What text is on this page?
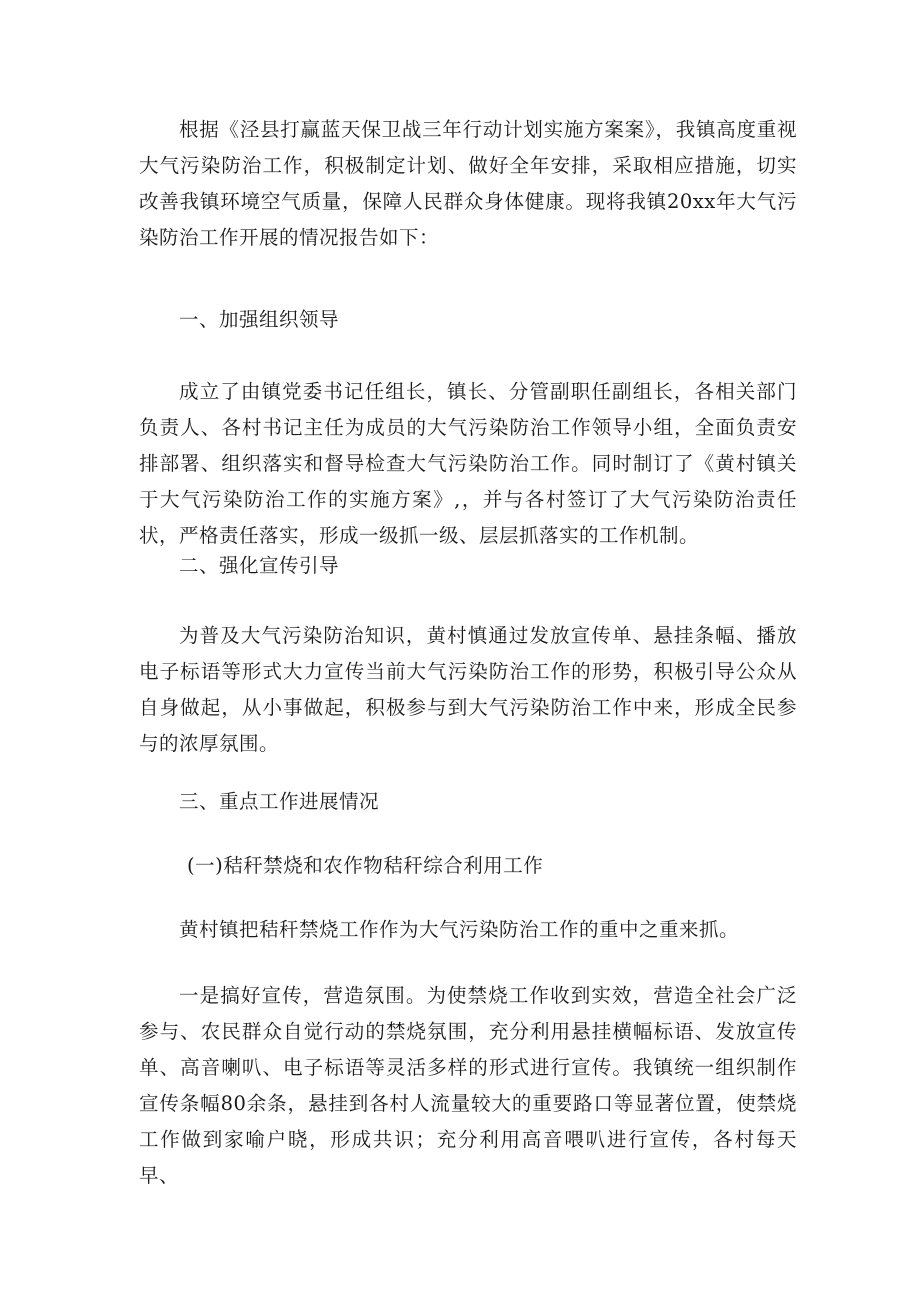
根据《泾县打赢蓝天保卫战三年行动计划实施方案案》，我镇高度重视大气污染防治工作，积极制定计划、做好全年安排，采取相应措施，切实改善我镇环境空气质量，保障人民群众身体健康。现将我镇20xx年大气污染防治工作开展的情况报告如下：

一、加强组织领导

成立了由镇党委书记任组长，镇长、分管副职任副组长，各相关部门负责人、各村书记主任为成员的大气污染防治工作领导小组，全面负责安排部署、组织落实和督导检查大气污染防治工作。同时制订了《黄村镇关于大气污染防治工作的实施方案》,，并与各村签订了大气污染防治责任状，严格责任落实，形成一级抓一级、层层抓落实的工作机制。

二、强化宣传引导

为普及大气污染防治知识，黄村慎通过发放宣传单、悬挂条幅、播放电子标语等形式大力宣传当前大气污染防治工作的形势，积极引导公众从自身做起，从小事做起，积极参与到大气污染防治工作中来，形成全民参与的浓厚氛围。

三、重点工作进展情况

(一)秸秆禁烧和农作物秸秆综合利用工作

黄村镇把秸秆禁烧工作作为大气污染防治工作的重中之重来抓。

一是搞好宣传，营造氛围。为使禁烧工作收到实效，营造全社会广泛参与、农民群众自觉行动的禁烧氛围，充分利用悬挂横幅标语、发放宣传单、高音喇叭、电子标语等灵活多样的形式进行宣传。我镇统一组织制作宣传条幅80余条，悬挂到各村人流量较大的重要路口等显著位置，使禁烧工作做到家喻户晓，形成共识；充分利用高音喂叭进行宣传，各村每天早、
